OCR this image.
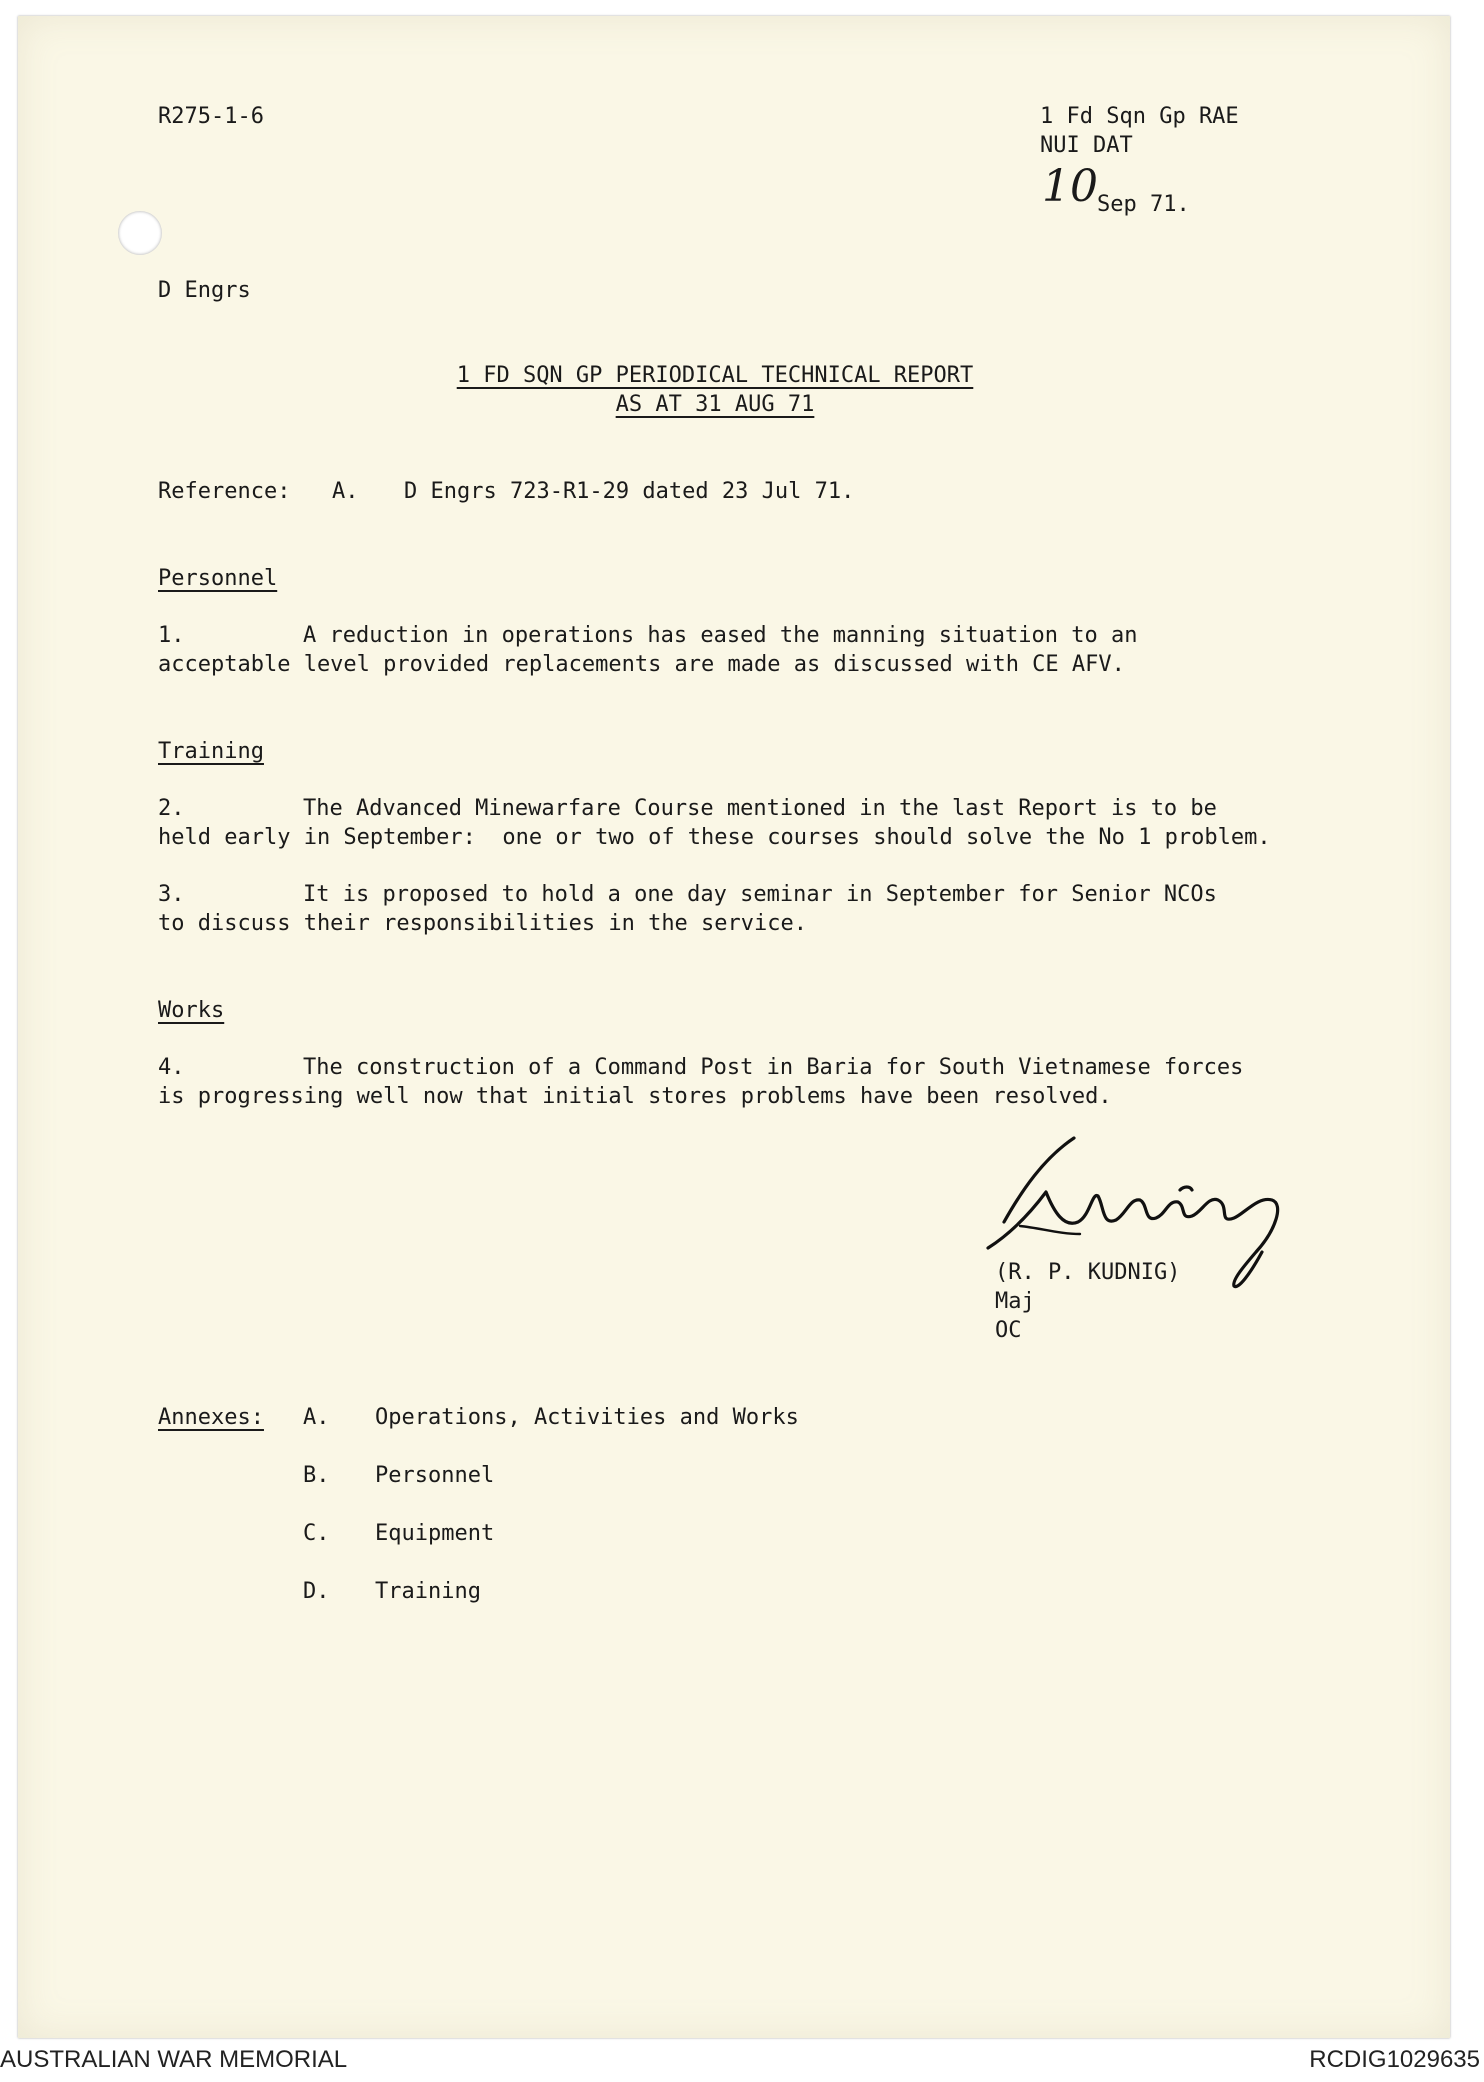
R275-1-6	1 Fd Sqn Gp RAE
NUI DAT
10 Sep 71.
D Engrs
1 FD SQN GP PERIODICAL TECHNICAL REPORT
AS AT 31 AUG 71
Reference: A. D Engrs 723-R1-29 dated 23 Jul 71.
Personnel
1.	A reduction in operations has eased the manning situation to an
acceptable level provided replacements are made as discussed with CE AFV.
Training
2.	The Advanced Minewarfare Course mentioned in the last Report is to be
held early in September:  one or two of these courses should solve the No 1 problem.
3.	It is proposed to hold a one day seminar in September for Senior NCOs
to discuss their responsibilities in the service.
Works
4.	The construction of a Command Post in Baria for South Vietnamese forces
is progressing well now that initial stores problems have been resolved.
(R. P. KUDNIG)
Maj
OC
Annexes: A. Operations, Activities and Works
B. Personnel
C. Equipment
D. Training
AUSTRALIAN WAR MEMORIAL	RCDIG1029635
